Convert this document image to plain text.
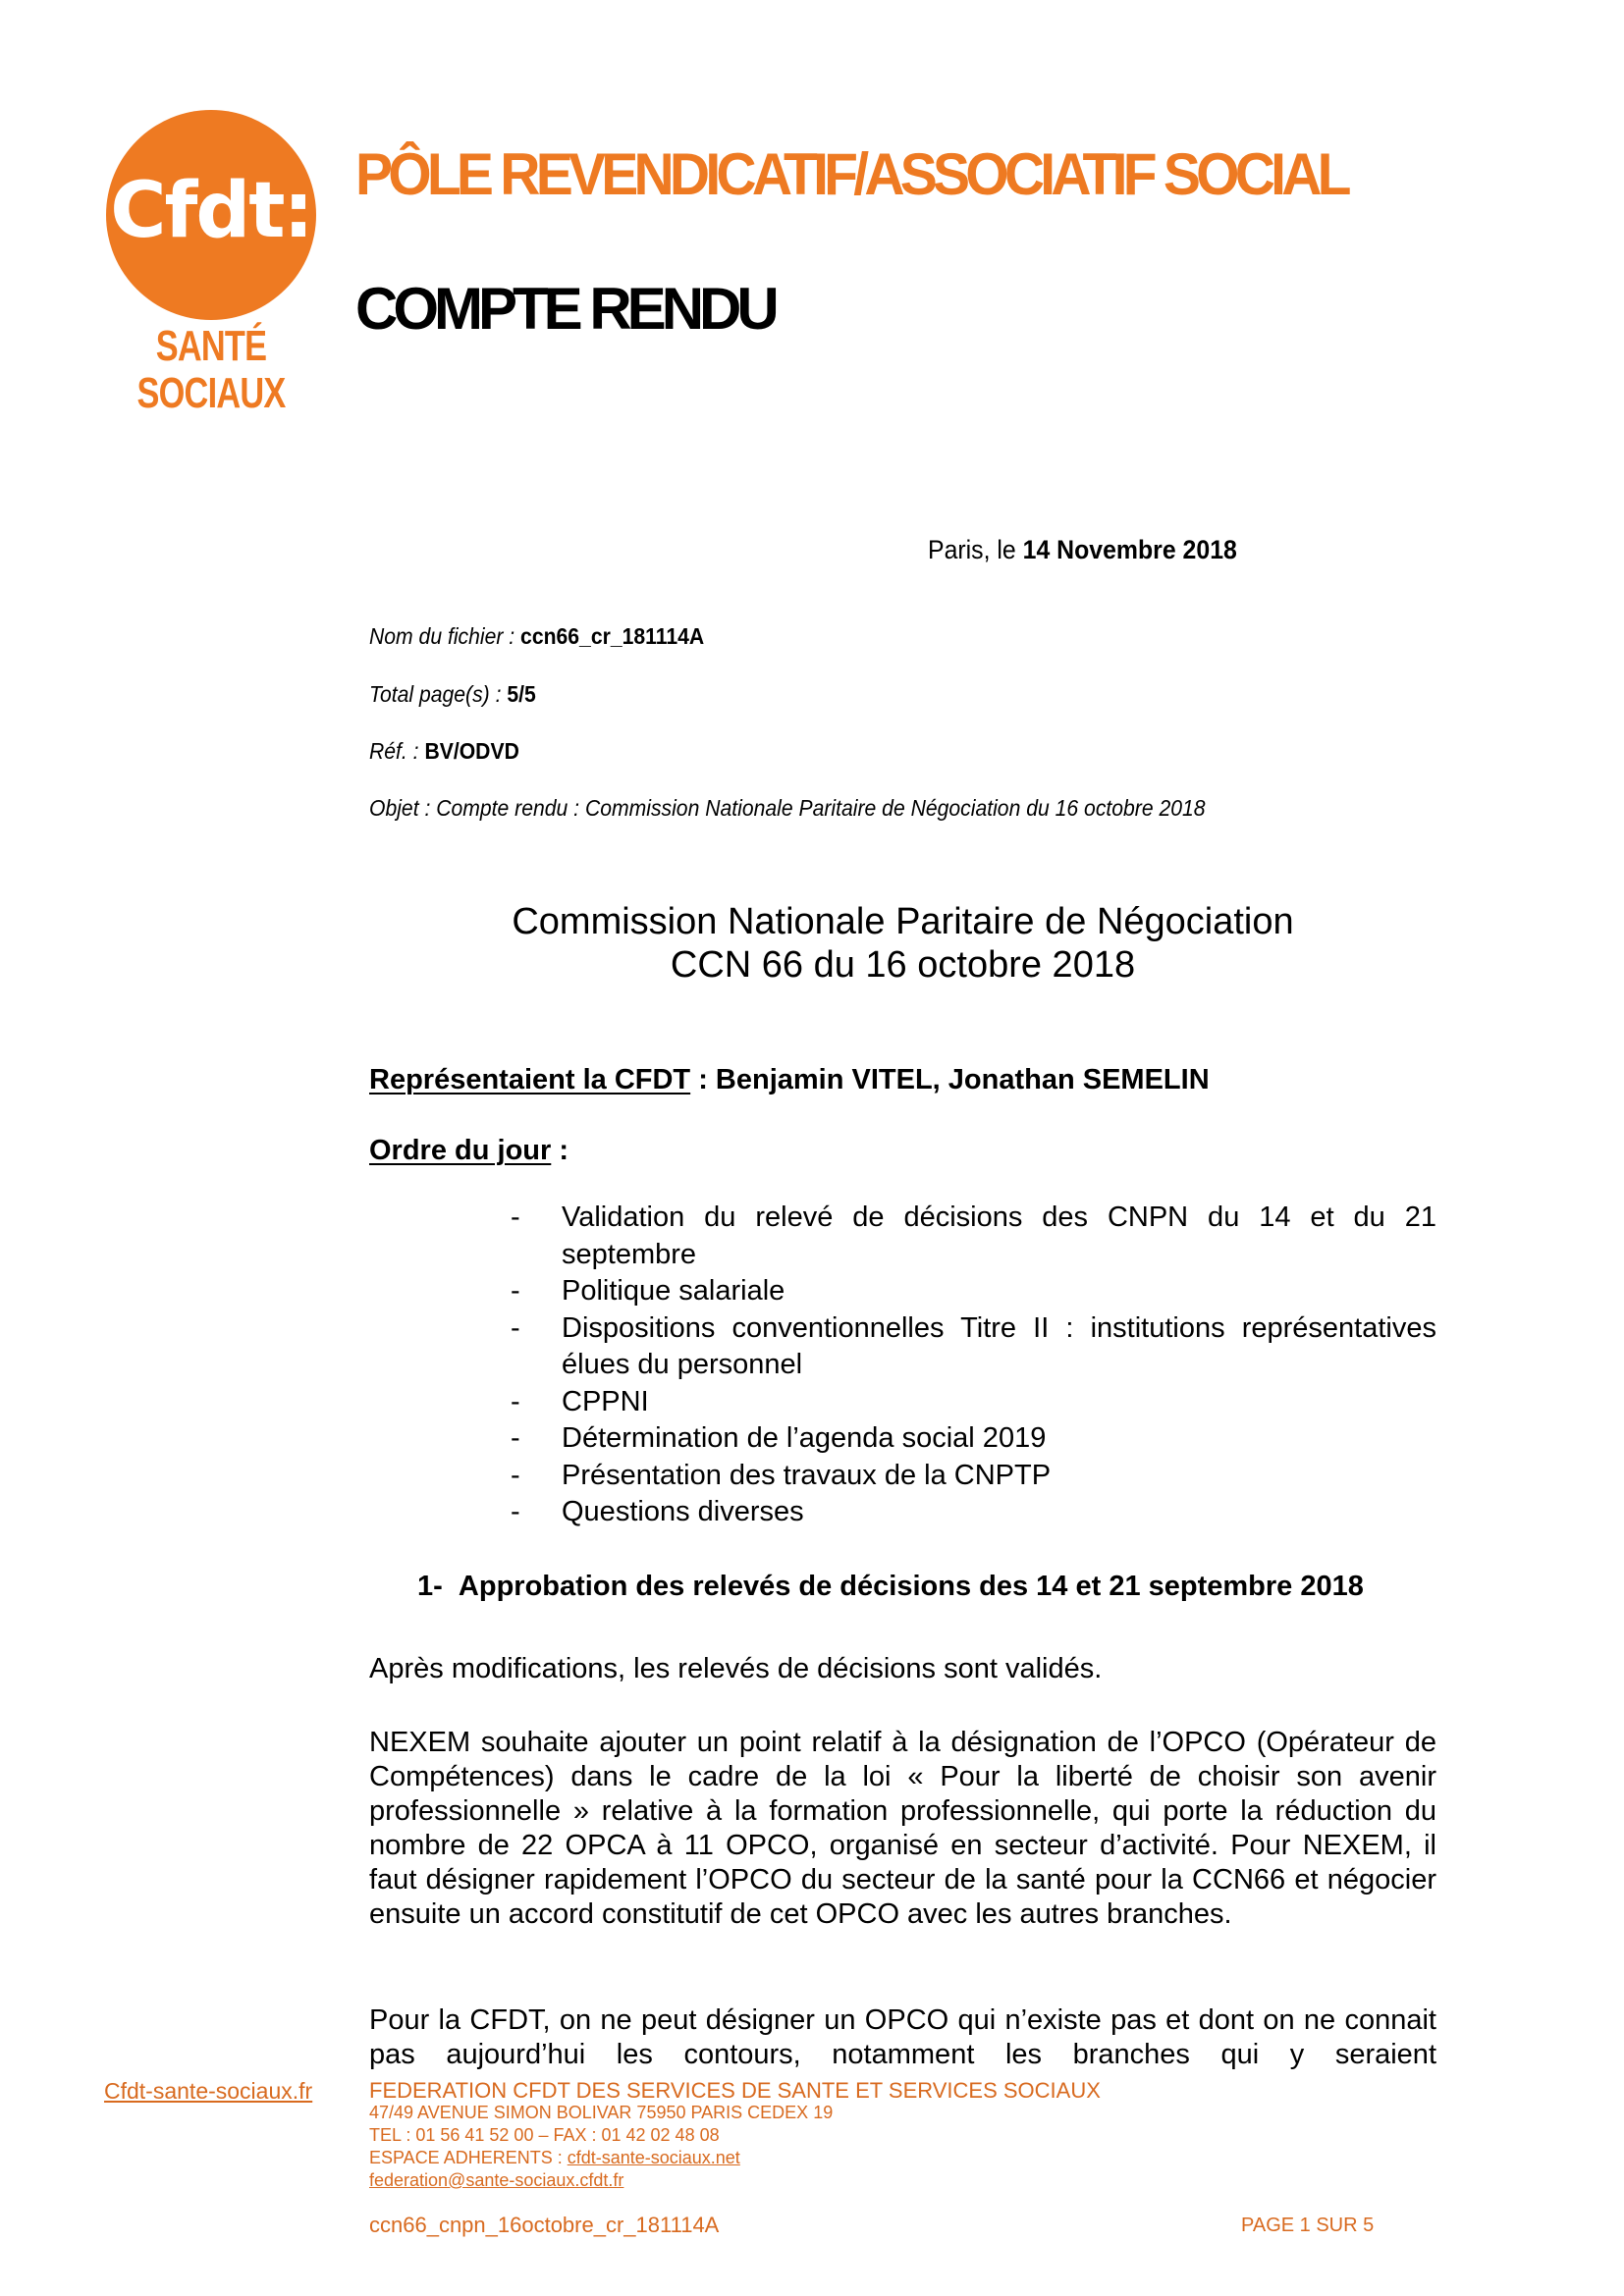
Cfdt:
SANTÉ
SOCIAUX
PÔLE REVENDICATIF/ASSOCIATIF SOCIAL
COMPTE RENDU
Paris, le 14 Novembre 2018
Nom du fichier : ccn66_cr_181114A
Total page(s) : 5/5
Réf. : BV/ODVD
Objet : Compte rendu : Commission Nationale Paritaire de Négociation du 16 octobre 2018
Commission Nationale Paritaire de Négociation
CCN 66 du 16 octobre 2018
Représentaient la CFDT : Benjamin VITEL, Jonathan SEMELIN
Ordre du jour :
- Validation du relevé de décisions des CNPN du 14 et du 21 septembre
- Politique salariale
- Dispositions conventionnelles Titre II : institutions représentatives élues du personnel
- CPPNI
- Détermination de l’agenda social 2019
- Présentation des travaux de la CNPTP
- Questions diverses
1- Approbation des relevés de décisions des 14 et 21 septembre 2018
Après modifications, les relevés de décisions sont validés.
NEXEM souhaite ajouter un point relatif à la désignation de l’OPCO (Opérateur de Compétences) dans le cadre de la loi « Pour la liberté de choisir son avenir professionnelle » relative à la formation professionnelle, qui porte la réduction du nombre de 22 OPCA à 11 OPCO, organisé en secteur d’activité. Pour NEXEM, il faut désigner rapidement l’OPCO du secteur de la santé pour la CCN66 et négocier ensuite un accord constitutif de cet OPCO avec les autres branches.
Pour la CFDT, on ne peut désigner un OPCO qui n’existe pas et dont on ne connait pas aujourd’hui les contours, notamment les branches qui y seraient
Cfdt-sante-sociaux.fr	FEDERATION CFDT DES SERVICES DE SANTE ET SERVICES SOCIAUX
47/49 AVENUE SIMON BOLIVAR 75950 PARIS CEDEX 19
TEL : 01 56 41 52 00 – FAX : 01 42 02 48 08
ESPACE ADHERENTS : cfdt-sante-sociaux.net
federation@sante-sociaux.cfdt.fr
ccn66_cnpn_16octobre_cr_181114A	PAGE 1 SUR 5
